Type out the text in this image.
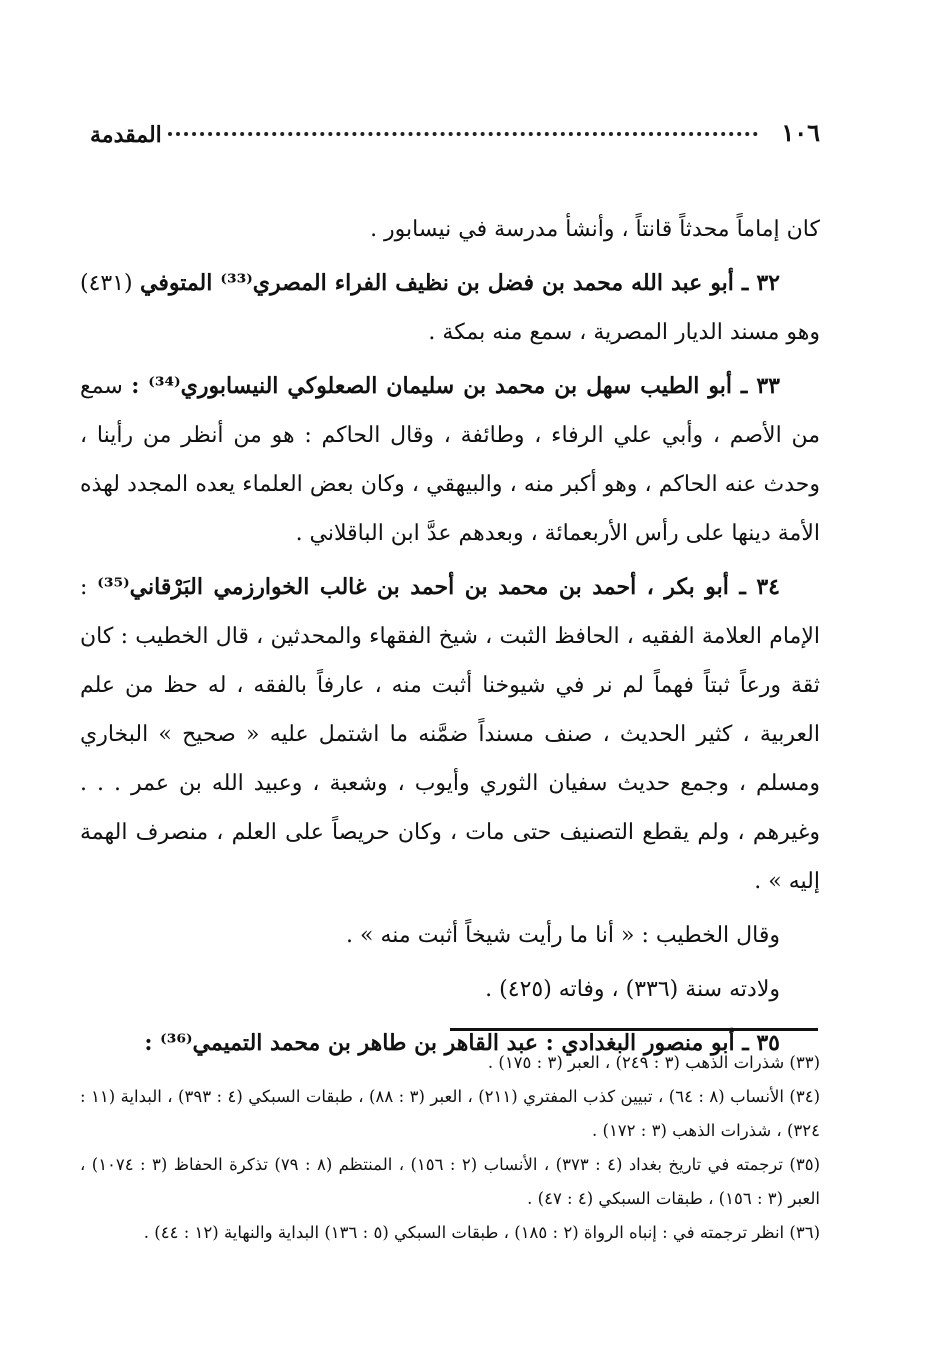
المقدمة	١٠٦

كان إماماً محدثاً قانتاً ، وأنشأ مدرسة في نيسابور .

٣٢ ـ أبو عبد الله محمد بن فضل بن نظيف الفراء المصري⁽³³⁾ المتوفي (٤٣١) وهو مسند الديار المصرية ، سمع منه بمكة .

٣٣ ـ أبو الطيب سهل بن محمد بن سليمان الصعلوكي النيسابوري⁽³⁴⁾ : سمع من الأصم ، وأبي علي الرفاء ، وطائفة ، وقال الحاكم : هو من أنظر من رأينا ، وحدث عنه الحاكم ، وهو أكبر منه ، والبيهقي ، وكان بعض العلماء يعده المجدد لهذه الأمة دينها على رأس الأربعمائة ، وبعدهم عدَّ ابن الباقلاني .

٣٤ ـ أبو بكر ، أحمد بن محمد بن أحمد بن غالب الخوارزمي البَرْقاني⁽³⁵⁾ : الإمام العلامة الفقيه ، الحافظ الثبت ، شيخ الفقهاء والمحدثين ، قال الخطيب : كان ثقة ورعاً ثبتاً فهماً لم نر في شيوخنا أثبت منه ، عارفاً بالفقه ، له حظ من علم العربية ، كثير الحديث ، صنف مسنداً ضمَّنه ما اشتمل عليه « صحيح » البخاري ومسلم ، وجمع حديث سفيان الثوري وأيوب ، وشعبة ، وعبيد الله بن عمر . . . وغيرهم ، ولم يقطع التصنيف حتى مات ، وكان حريصاً على العلم ، منصرف الهمة إليه » .

وقال الخطيب : « أنا ما رأيت شيخاً أثبت منه » .

ولادته سنة (٣٣٦) ، وفاته (٤٢٥) .

٣٥ ـ أبو منصور البغدادي : عبد القاهر بن طاهر بن محمد التميمي⁽³⁶⁾ :

(٣٣) شذرات الذهب (٣ : ٢٤٩) ، العبر (٣ : ١٧٥) .

(٣٤) الأنساب (٨ : ٦٤) ، تبيين كذب المفتري (٢١١) ، العبر (٣ : ٨٨) ، طبقات السبكي (٤ : ٣٩٣) ، البداية (١١ : ٣٢٤) ، شذرات الذهب (٣ : ١٧٢) .

(٣٥) ترجمته في تاريخ بغداد (٤ : ٣٧٣) ، الأنساب (٢ : ١٥٦) ، المنتظم (٨ : ٧٩) تذكرة الحفاظ (٣ : ١٠٧٤) ، العبر (٣ : ١٥٦) ، طبقات السبكي (٤ : ٤٧) .

(٣٦) انظر ترجمته في : إنباه الرواة (٢ : ١٨٥) ، طبقات السبكي (٥ : ١٣٦) البداية والنهاية (١٢ : ٤٤) .
